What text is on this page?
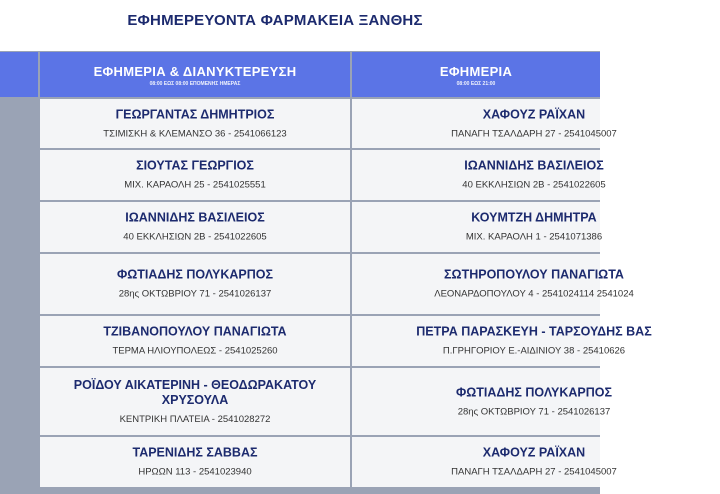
ΕΦΗΜΕΡΕΥΟΝΤΑ ΦΑΡΜΑΚΕΙΑ ΞΑΝΘΗΣ
ΕΦΗΜΕΡΙΑ & ΔΙΑΝΥΚΤΕΡΕΥΣΗ
08:00 ΕΩΣ 08:00 ΕΠΟΜΕΝΗΣ ΗΜΕΡΑΣ
ΕΦΗΜΕΡΙΑ
08:00 ΕΩΣ 21:00
ΓΕΩΡΓΑΝΤΑΣ ΔΗΜΗΤΡΙΟΣ
ΤΣΙΜΙΣΚΗ & ΚΛΕΜΑΝΣΟ 36 - 2541066123
ΧΑΦΟΥΖ ΡΑΪΧΑΝ
ΠΑΝΑΓΗ ΤΣΑΛΔΑΡΗ 27 - 2541045007
ΣΙΟΥΤΑΣ ΓΕΩΡΓΙΟΣ
ΜΙΧ. ΚΑΡΑΟΛΗ 25 - 2541025551
ΙΩΑΝΝΙΔΗΣ ΒΑΣΙΛΕΙΟΣ
40 ΕΚΚΛΗΣΙΩΝ 2Β - 2541022605
ΙΩΑΝΝΙΔΗΣ ΒΑΣΙΛΕΙΟΣ
40 ΕΚΚΛΗΣΙΩΝ 2Β - 2541022605
ΚΟΥΜΤΖΗ ΔΗΜΗΤΡΑ
ΜΙΧ. ΚΑΡΑΟΛΗ 1 - 2541071386
ΦΩΤΙΑΔΗΣ ΠΟΛΥΚΑΡΠΟΣ
28ης ΟΚΤΩΒΡΙΟΥ 71 - 2541026137
ΣΩΤΗΡΟΠΟΥΛΟΥ ΠΑΝΑΓΙΩΤΑ
ΛΕΟΝΑΡΔΟΠΟΥΛΟΥ 4 - 2541024114 2541024
ΤΖΙΒΑΝΟΠΟΥΛΟΥ ΠΑΝΑΓΙΩΤΑ
ΤΕΡΜΑ ΗΛΙΟΥΠΟΛΕΩΣ - 2541025260
ΠΕΤΡΑ ΠΑΡΑΣΚΕΥΗ - ΤΑΡΣΟΥΔΗΣ ΒΑΣ
Π.ΓΡΗΓΟΡΙΟΥ Ε.-ΑΙΔΙΝΙΟΥ 38 - 25410626
ΡΟΪΔΟΥ ΑΙΚΑΤΕΡΙΝΗ - ΘΕΟΔΩΡΑΚΑΤΟΥ ΧΡΥΣΟΥΛΑ
ΚΕΝΤΡΙΚΗ ΠΛΑΤΕΙΑ - 2541028272
ΦΩΤΙΑΔΗΣ ΠΟΛΥΚΑΡΠΟΣ
28ης ΟΚΤΩΒΡΙΟΥ 71 - 2541026137
ΤΑΡΕΝΙΔΗΣ ΣΑΒΒΑΣ
ΗΡΩΩΝ 113 - 2541023940
ΧΑΦΟΥΖ ΡΑΪΧΑΝ
ΠΑΝΑΓΗ ΤΣΑΛΔΑΡΗ 27 - 2541045007
